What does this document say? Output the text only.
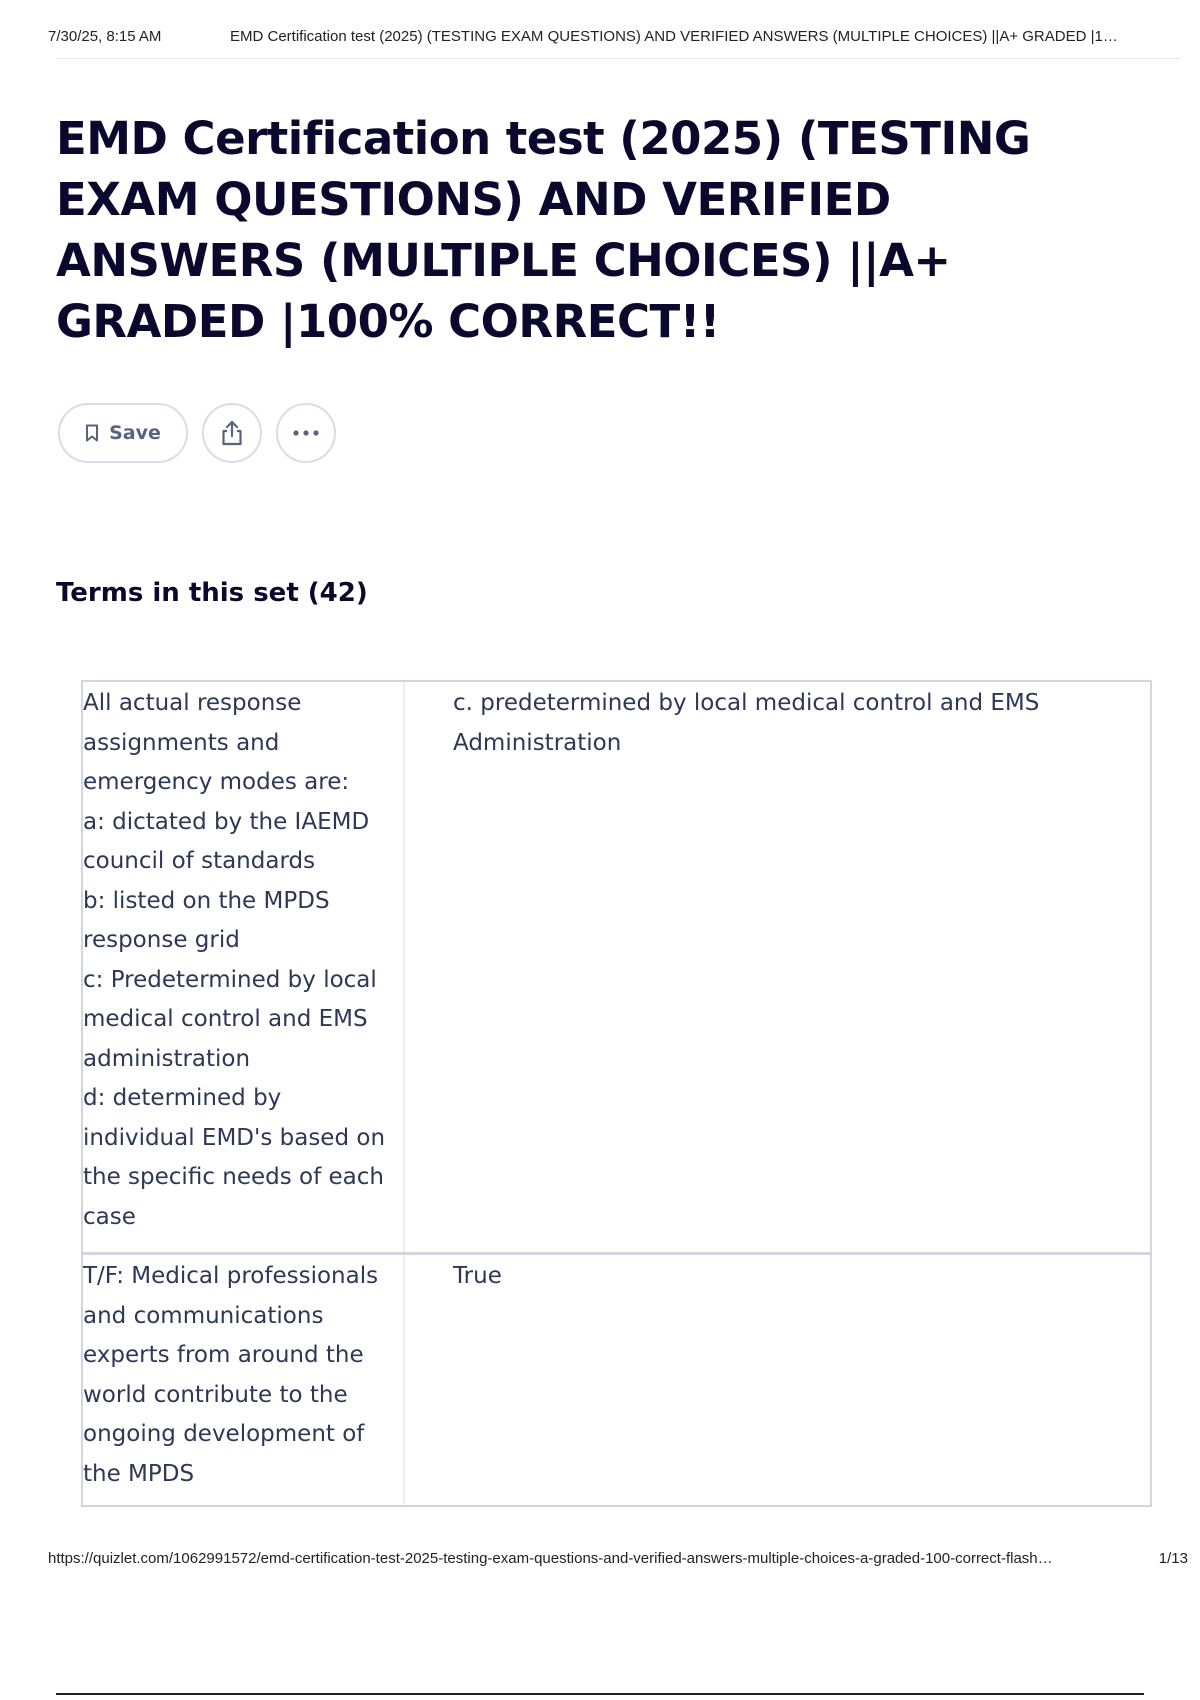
7/30/25, 8:15 AM	EMD Certification test (2025) (TESTING EXAM QUESTIONS) AND VERIFIED ANSWERS (MULTIPLE CHOICES) ||A+ GRADED |1…
EMD Certification test (2025) (TESTING EXAM QUESTIONS) AND VERIFIED ANSWERS (MULTIPLE CHOICES) ||A+ GRADED |100% CORRECT!!
Save
Terms in this set (42)
All actual response
assignments and
emergency modes are:
a: dictated by the IAEMD
council of standards
b: listed on the MPDS
response grid
c: Predetermined by local
medical control and EMS
administration
d: determined by
individual EMD's based on
the specific needs of each
case
c. predetermined by local medical control and EMS
Administration
T/F: Medical professionals
and communications
experts from around the
world contribute to the
ongoing development of
the MPDS
True
https://quizlet.com/1062991572/emd-certification-test-2025-testing-exam-questions-and-verified-answers-multiple-choices-a-graded-100-correct-flash…	1/13
